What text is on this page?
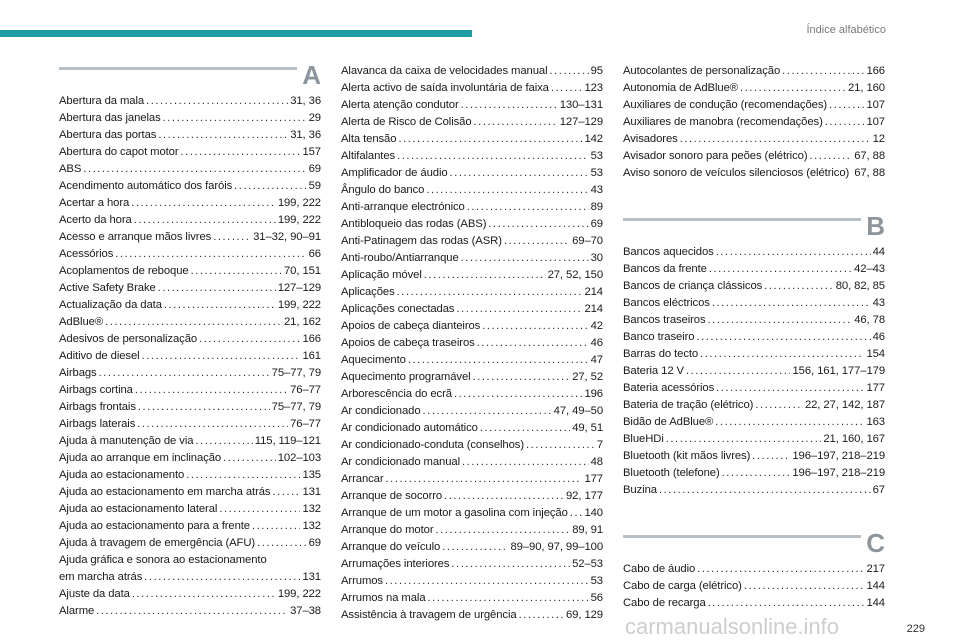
Índice alfabético
A
Abertura da mala .....	31, 36
Abertura das janelas .....	29
Abertura das portas .....	31, 36
Abertura do capot motor .....	157
ABS .....	69
Acendimento automático dos faróis .....	59
Acertar a hora .....	199, 222
Acerto da hora .....	199, 222
Acesso e arranque mãos livres .....	31–32, 90–91
Acessórios .....	66
Acoplamentos de reboque .....	70, 151
Active Safety Brake .....	127–129
Actualização da data .....	199, 222
AdBlue® .....	21, 162
Adesivos de personalização .....	166
Aditivo de diesel .....	161
Airbags .....	75–77, 79
Airbags cortina .....	76–77
Airbags frontais .....	75–77, 79
Airbags laterais .....	76–77
Ajuda à manutenção de via .....	115, 119–121
Ajuda ao arranque em inclinação .....	102–103
Ajuda ao estacionamento .....	135
Ajuda ao estacionamento em marcha atrás .....	131
Ajuda ao estacionamento lateral .....	132
Ajuda ao estacionamento para a frente .....	132
Ajuda à travagem de emergência (AFU) .....	69
Ajuda gráfica e sonora ao estacionamento
em marcha atrás .....	131
Ajuste da data .....	199, 222
Alarme .....	37–38
Alavanca da caixa de velocidades manual .....	95
Alerta activo de saída involuntária de faixa .....	123
Alerta atenção condutor .....	130–131
Alerta de Risco de Colisão .....	127–129
Alta tensão .....	142
Altifalantes .....	53
Amplificador de áudio .....	53
Ângulo do banco .....	43
Anti-arranque electrónico .....	89
Antibloqueio das rodas (ABS) .....	69
Anti-Patinagem das rodas (ASR) .....	69–70
Anti-roubo/Antiarranque .....	30
Aplicação móvel .....	27, 52, 150
Aplicações .....	214
Aplicações conectadas .....	214
Apoios de cabeça dianteiros .....	42
Apoios de cabeça traseiros .....	46
Aquecimento .....	47
Aquecimento programável .....	27, 52
Arborescência do ecrã .....	196
Ar condicionado .....	47, 49–50
Ar condicionado automático .....	49, 51
Ar condicionado-conduta (conselhos) .....	7
Ar condicionado manual .....	48
Arrancar .....	177
Arranque de socorro .....	92, 177
Arranque de um motor a gasolina com injeção ..... 140
Arranque do motor .....	89, 91
Arranque do veículo .....	89–90, 97, 99–100
Arrumações interiores .....	52–53
Arrumos .....	53
Arrumos na mala .....	56
Assistência à travagem de urgência .....	69, 129
Autocolantes de personalização .....	166
Autonomia de AdBlue® .....	21, 160
Auxiliares de condução (recomendações) .....	107
Auxiliares de manobra (recomendações) .....	107
Avisadores .....	12
Avisador sonoro para peões (elétrico) .....	67, 88
Aviso sonoro de veículos silenciosos (elétrico) ..... 67, 88
B
Bancos aquecidos .....	44
Bancos da frente .....	42–43
Bancos de criança clássicos .....	80, 82, 85
Bancos eléctricos .....	43
Bancos traseiros .....	46, 78
Banco traseiro .....	46
Barras do tecto .....	154
Bateria 12 V .....	156, 161, 177–179
Bateria acessórios .....	177
Bateria de tração (elétrico) .....	22, 27, 142, 187
Bidão de AdBlue® .....	163
BlueHDi .....	21, 160, 167
Bluetooth (kit mãos livres) .....	196–197, 218–219
Bluetooth (telefone) .....	196–197, 218–219
Buzina .....	67
C
Cabo de áudio .....	217
Cabo de carga (elétrico) .....	144
Cabo de recarga .....	144
carmanualsonline.info	229
